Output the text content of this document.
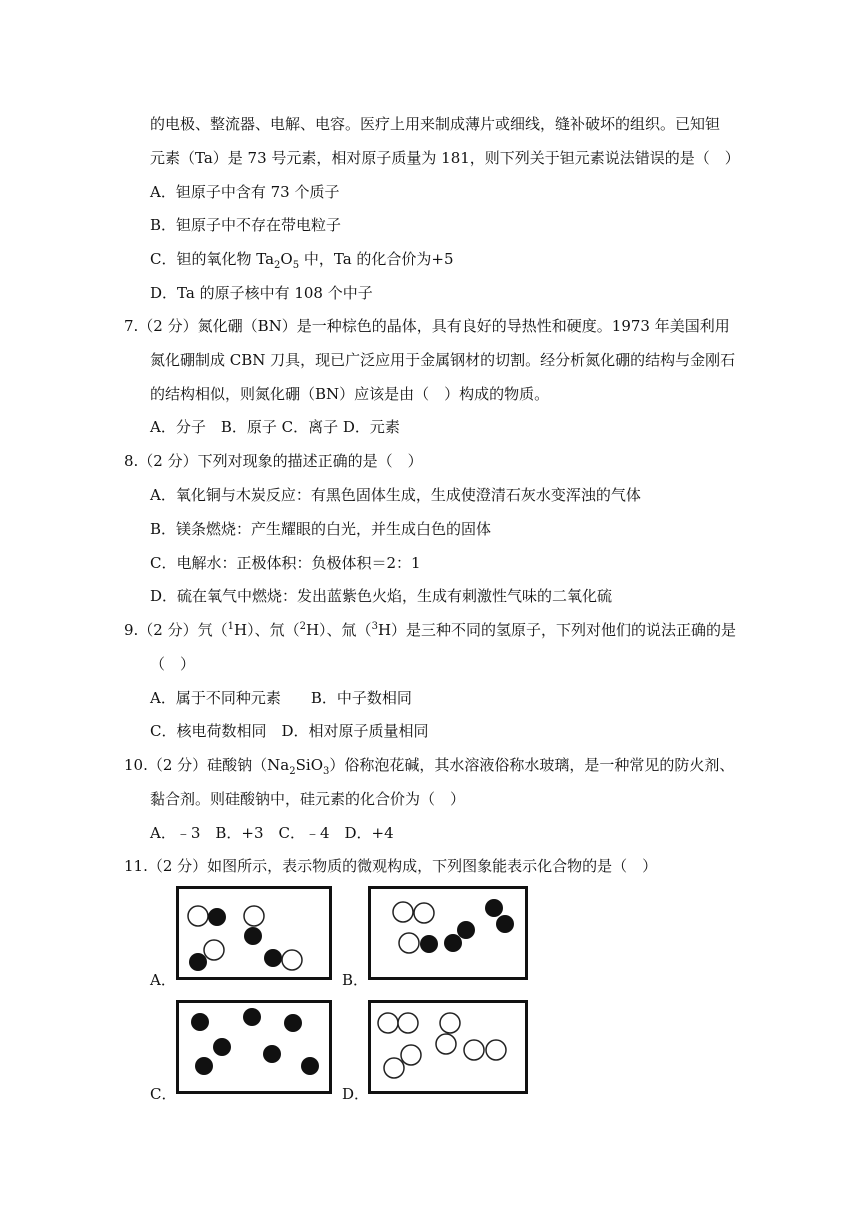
的电极、整流器、电解、电容。医疗上用来制成薄片或细线，缝补破坏的组织。已知钽
元素（Ta）是 73 号元素，相对原子质量为 181，则下列关于钽元素说法错误的是（　）
A．钽原子中含有 73 个质子
B．钽原子中不存在带电粒子
C．钽的氧化物 $Ta_2O_5$ 中，Ta 的化合价为+5
D．Ta 的原子核中有 108 个中子
7.（2 分）氮化硼（BN）是一种棕色的晶体，具有良好的导热性和硬度。1973 年美国利用
氮化硼制成 CBN 刀具，现已广泛应用于金属钢材的切割。经分析氮化硼的结构与金刚石
的结构相似，则氮化硼（BN）应该是由（　）构成的物质。
A．分子　B．原子 C．离子 D．元素
8.（2 分）下列对现象的描述正确的是（　）
A．氧化铜与木炭反应：有黑色固体生成，生成使澄清石灰水变浑浊的气体
B．镁条燃烧：产生耀眼的白光，并生成白色的固体
C．电解水：正极体积：负极体积＝2：1
D．硫在氧气中燃烧：发出蓝紫色火焰，生成有刺激性气味的二氧化硫
9.（2 分）氕（$^1$H）、氘（$^2$H）、氚（$^3$H）是三种不同的氢原子，下列对他们的说法正确的是
（　）
A．属于不同种元素　　B．中子数相同
C．核电荷数相同　D．相对原子质量相同
10.（2 分）硅酸钠$(Na_2SiO_3)$俗称泡花碱，其水溶液俗称水玻璃，是一种常见的防火剂、
黏合剂。则硅酸钠中，硅元素的化合价为（　）
A．﹣3　B．+3　C．﹣4　D．+4
11.（2 分）如图所示，表示物质的微观构成，下列图象能表示化合物的是（　）
A．	B．
C．	D．
